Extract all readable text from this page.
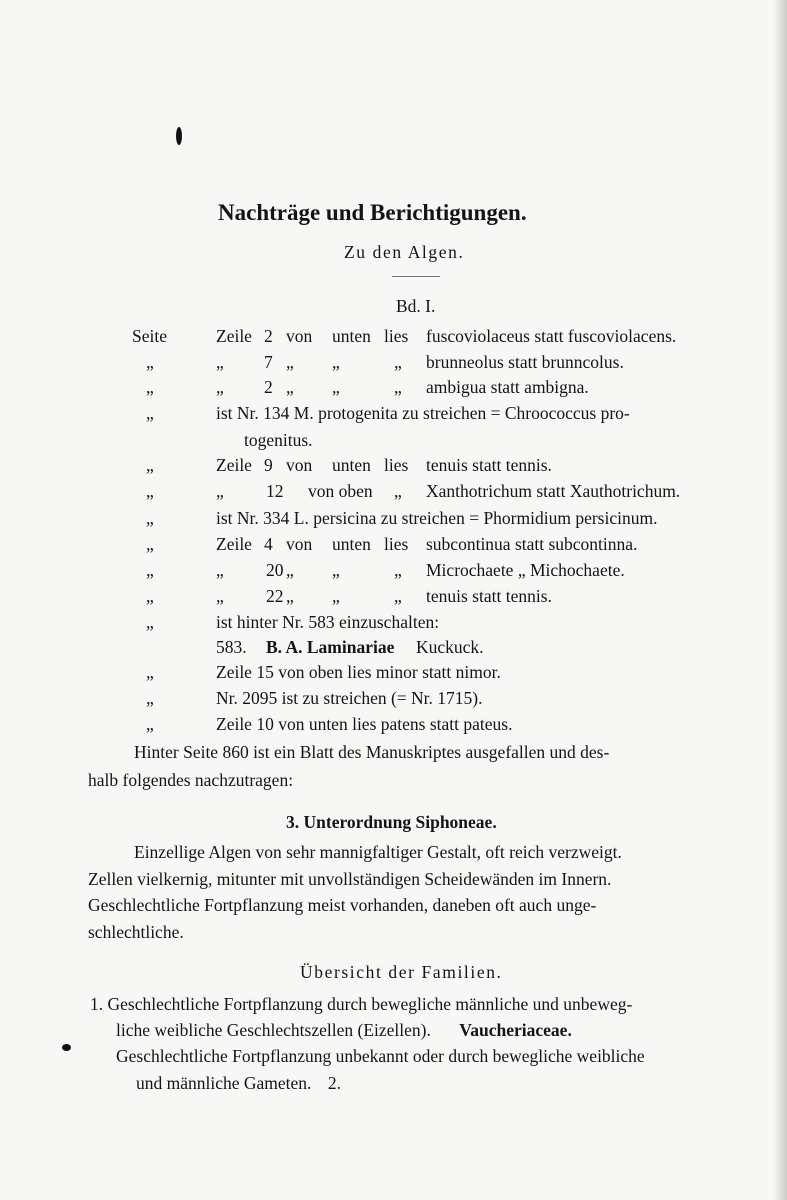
Nachträge und Berichtigungen.
Zu den Algen.
Bd. I.
Seite	Zeile 2 von unten lies fuscoviolaceus statt fuscoviolacens.
„	„ 7 „ „	„ brunneolus statt brunncolus.
„	„ 2 „ „	„ ambigua statt ambigna.
„	ist Nr. 134 M. protogenita zu streichen = Chroococcus pro-
togenitus.
„	Zeile 9 von unten lies tenuis statt tennis.
„	„ 12 von oben „ Xanthotrichum statt Xauthotrichum.
„	ist Nr. 334 L. persicina zu streichen = Phormidium persicinum.
„	Zeile 4 von unten lies subcontinua statt subcontinna.
„	„ 20 „ „	„ Microchaete „ Michochaete.
„	„ 22 „ „	„ tenuis statt tennis.
„	ist hinter Nr. 583 einzuschalten:
583. B. A. Laminariae Kuckuck.
„	Zeile 15 von oben lies minor statt nimor.
„	Nr. 2095 ist zu streichen (= Nr. 1715).
„	Zeile 10 von unten lies patens statt pateus.
Hinter Seite 860 ist ein Blatt des Manuskriptes ausgefallen und des-
halb folgendes nachzutragen:
3. Unterordnung Siphoneae.
Einzellige Algen von sehr mannigfaltiger Gestalt, oft reich verzweigt.
Zellen vielkernig, mitunter mit unvollständigen Scheidewänden im Innern.
Geschlechtliche Fortpflanzung meist vorhanden, daneben oft auch unge-
schlechtliche.
Übersicht der Familien.
1. Geschlechtliche Fortpflanzung durch bewegliche männliche und unbeweg-
liche weibliche Geschlechtszellen (Eizellen). Vaucheriaceae.
Geschlechtliche Fortpflanzung unbekannt oder durch bewegliche weibliche
und männliche Gameten. 2.
